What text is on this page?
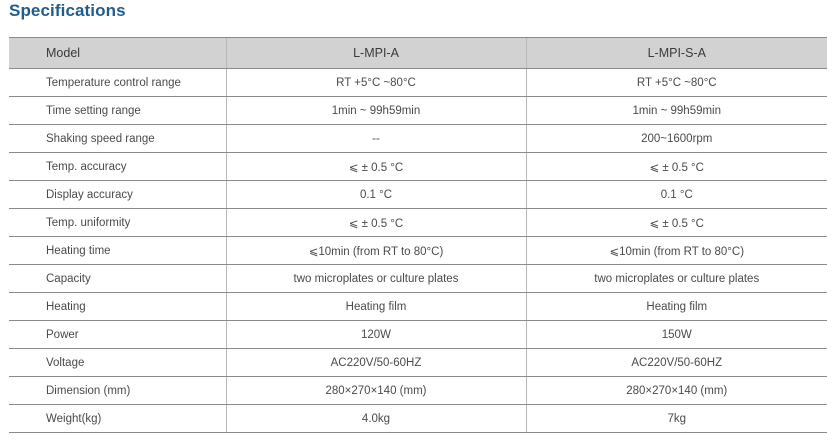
Specifications
Model	L-MPI-A	L-MPI-S-A
Temperature control range	RT +5°C ~80°C	RT +5°C ~80°C
Time setting range	1min ~ 99h59min	1min ~ 99h59min
Shaking speed range	--	200~1600rpm
Temp. accuracy	⩽ ± 0.5 °C	⩽ ± 0.5 °C
Display accuracy	0.1 °C	0.1 °C
Temp. uniformity	⩽ ± 0.5 °C	⩽ ± 0.5 °C
Heating time	⩽10min (from RT to 80°C)	⩽10min (from RT to 80°C)
Capacity	two microplates or culture plates	two microplates or culture plates
Heating	Heating film	Heating film
Power	120W	150W
Voltage	AC220V/50-60HZ	AC220V/50-60HZ
Dimension (mm)	280×270×140 (mm)	280×270×140 (mm)
Weight(kg)	4.0kg	7kg
